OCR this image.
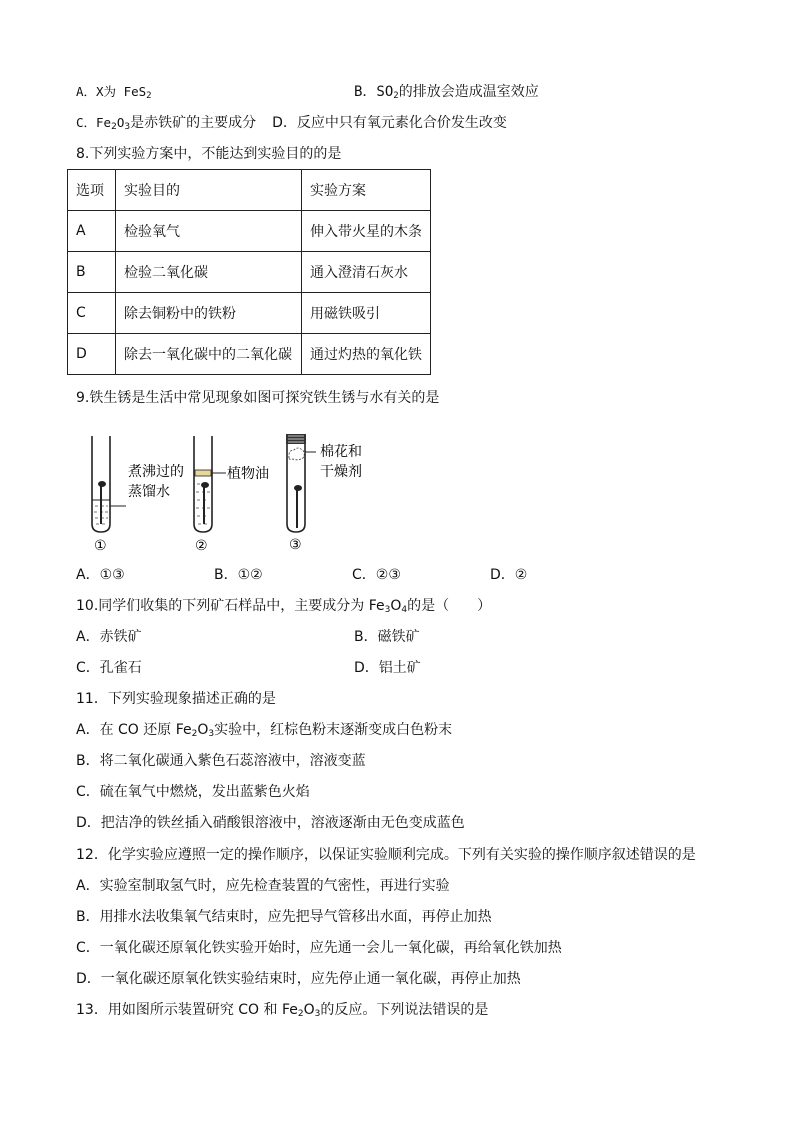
A．X为 FeS$_2$	B．$SO_2$的排放会造成温室效应
C．$Fe_2O_3$是赤铁矿的主要成分 D．反应中只有氧元素化合价发生改变
8.下列实验方案中，不能达到实验目的的是
选项	实验目的	实验方案
A	检验氧气	伸入带火星的木条
B	检验二氧化碳	通入澄清石灰水
C	除去铜粉中的铁粉	用磁铁吸引
D	除去一氧化碳中的二氧化碳	通过灼热的氧化铁
9.铁生锈是生活中常见现象如图可探究铁生锈与水有关的是
煮沸过的
蒸馏水
植物油
棉花和
干燥剂
①	②	③
A．①③	B．①②	C．②③	D．②
10.同学们收集的下列矿石样品中，主要成分为 $Fe_3O_4$的是（　　）
A．赤铁矿	B．磁铁矿
C．孔雀石	D．铝土矿
11．下列实验现象描述正确的是
A．在 CO 还原 $Fe_2O_3$实验中，红棕色粉末逐渐变成白色粉末
B．将二氧化碳通入紫色石蕊溶液中，溶液变蓝
C．硫在氧气中燃烧，发出蓝紫色火焰
D．把洁净的铁丝插入硝酸银溶液中，溶液逐渐由无色变成蓝色
12．化学实验应遵照一定的操作顺序，以保证实验顺利完成。下列有关实验的操作顺序叙述错误的是
A．实验室制取氢气时，应先检查装置的气密性，再进行实验
B．用排水法收集氧气结束时，应先把导气管移出水面，再停止加热
C．一氧化碳还原氧化铁实验开始时，应先通一会儿一氧化碳，再给氧化铁加热
D．一氧化碳还原氧化铁实验结束时，应先停止通一氧化碳，再停止加热
13．用如图所示装置研究 CO 和 $Fe_2O_3$的反应。下列说法错误的是
